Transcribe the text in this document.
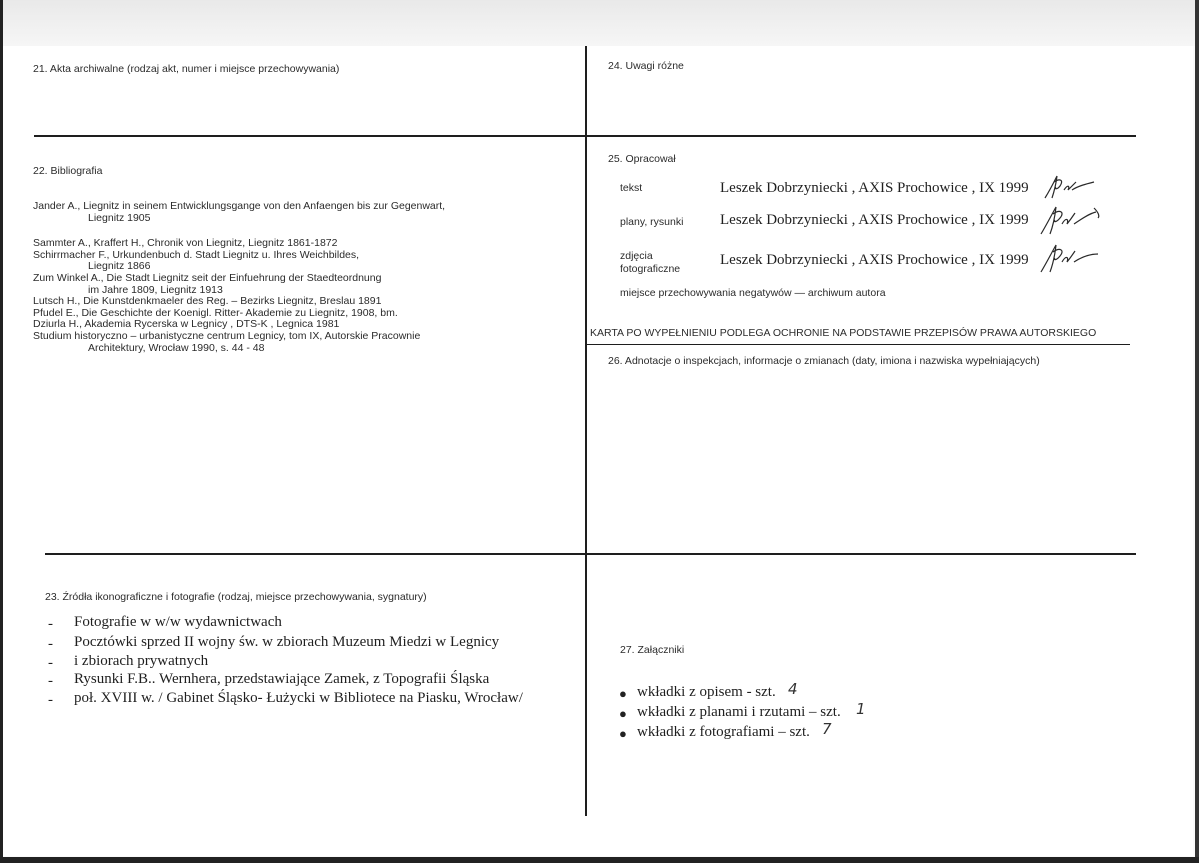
21. Akta archiwalne (rodzaj akt, numer i miejsce przechowywania)	24. Uwagi różne
22. Bibliografia
Jander A., Liegnitz in seinem Entwicklungsgange von den Anfaengen bis zur Gegenwart,
Liegnitz 1905
Sammter A., Kraffert H., Chronik von Liegnitz, Liegnitz 1861-1872
Schirrmacher F., Urkundenbuch d. Stadt Liegnitz u. Ihres Weichbildes,
Liegnitz 1866
Zum Winkel A., Die Stadt Liegnitz seit der Einfuehrung der Staedteordnung
im Jahre 1809, Liegnitz 1913
Lutsch H., Die Kunstdenkmaeler des Reg. – Bezirks Liegnitz, Breslau 1891
Pfudel E., Die Geschichte der Koenigl. Ritter- Akademie zu Liegnitz, 1908, bm.
Dziurla H., Akademia Rycerska w Legnicy , DTS-K , Legnica 1981
Studium historyczno – urbanistyczne centrum Legnicy, tom IX, Autorskie Pracownie
Architektury, Wrocław 1990, s. 44 - 48
25. Opracował
tekst	Leszek Dobrzyniecki , AXIS Prochowice , IX 1999
plany, rysunki Leszek Dobrzyniecki , AXIS Prochowice , IX 1999
zdjęcia
fotograficzne
Leszek Dobrzyniecki , AXIS Prochowice , IX 1999
miejsce przechowywania negatywów — archiwum autora
KARTA PO WYPEŁNIENIU PODLEGA OCHRONIE NA PODSTAWIE PRZEPISÓW PRAWA AUTORSKIEGO
26. Adnotacje o inspekcjach, informacje o zmianach (daty, imiona i nazwiska wypełniających)
23. Źródła ikonograficzne i fotografie (rodzaj, miejsce przechowywania, sygnatury)
- Fotografie w w/w wydawnictwach
- Pocztówki sprzed II wojny św. w zbiorach Muzeum Miedzi w Legnicy
- i zbiorach prywatnych
- Rysunki F.B.. Wernhera, przedstawiające Zamek, z Topografii Śląska
- poł. XVIII w. / Gabinet Śląsko- Łużycki w Bibliotece na Piasku, Wrocław/
27. Załączniki
● wkładki z opisem - szt. 4
● wkładki z planami i rzutami – szt. 1
● wkładki z fotografiami – szt. 7
